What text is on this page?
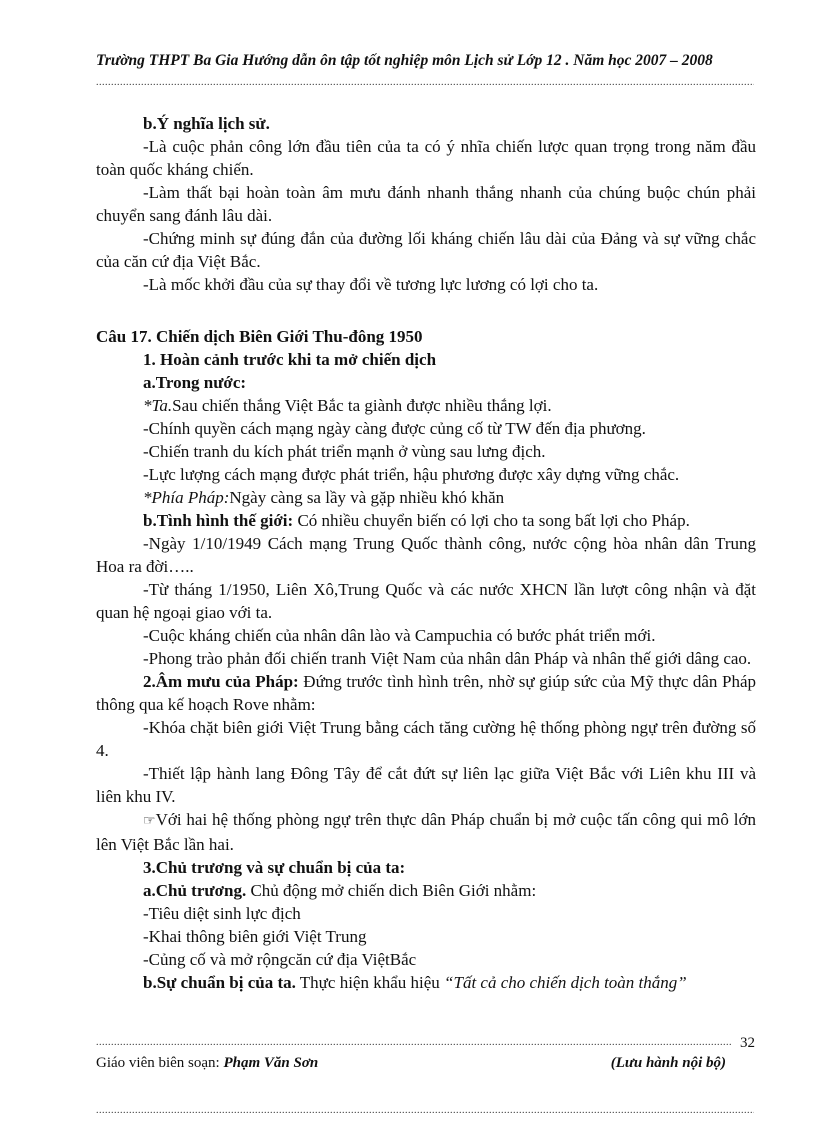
Trường THPT Ba Gia Hướng dẫn ôn tập tốt nghiệp môn Lịch sử Lớp 12 . Năm học 2007 – 2008
.....

b.Ý nghĩa lịch sử.

-Là cuộc phản công lớn đầu tiên của ta có ý nhĩa chiến lược quan trọng trong năm đầu toàn quốc kháng chiến.

-Làm thất bại hoàn toàn âm mưu đánh nhanh thắng nhanh của chúng buộc chún phải chuyển sang đánh lâu dài.

-Chứng minh sự đúng đắn của đường lối kháng chiến lâu dài của Đảng và sự vững chắc của căn cứ địa Việt Bắc.

-Là mốc khởi đầu của sự thay đổi về tương lực lương có lợi cho ta.

Câu 17. Chiến dịch Biên Giới Thu-đông 1950

1. Hoàn cảnh trước khi ta mở chiến dịch

a.Trong nước:

*Ta.Sau chiến thắng Việt Bắc ta giành được nhiều thắng lợi.

-Chính quyền cách mạng ngày càng được củng cố từ TW đến địa phương.

-Chiến tranh du kích phát triển mạnh ở vùng sau lưng địch.

-Lực lượng cách mạng được phát triển, hậu phương được xây dựng vững chắc.

*Phía Pháp:Ngày càng sa lầy và gặp nhiều khó khăn

b.Tình hình thế giới: Có nhiều chuyển biến có lợi cho ta song bất lợi cho Pháp.

-Ngày 1/10/1949 Cách mạng Trung Quốc thành công, nước cộng hòa nhân dân Trung Hoa ra đời…..

-Từ tháng 1/1950, Liên Xô,Trung Quốc và các nước XHCN lần lượt công nhận và đặt quan hệ ngoại giao với ta.

-Cuộc kháng chiến của nhân dân lào và Campuchia có bước phát triển mới.

-Phong trào phản đối chiến tranh Việt Nam của nhân dân Pháp và nhân thế giới dâng cao.

2.Âm mưu của Pháp: Đứng trước tình hình trên, nhờ sự giúp sức của Mỹ thực dân Pháp thông qua kế hoạch Rove nhằm:

-Khóa chặt biên giới Việt Trung bằng cách tăng cường hệ thống phòng ngự trên đường số 4.

-Thiết lập hành lang Đông Tây để cắt đứt sự liên lạc giữa Việt Bắc với Liên khu III và liên khu IV.

☞Với hai hệ thống phòng ngự trên thực dân Pháp chuẩn bị mở cuộc tấn công qui mô lớn lên Việt Bắc lần hai.

3.Chủ trương và sự chuẩn bị của ta:

a.Chủ trương. Chủ động mở chiến dich Biên Giới nhằm:

-Tiêu diệt sinh lực địch

-Khai thông biên giới Việt Trung

-Củng cố và mở rộngcăn cứ địa ViệtBắc

b.Sự chuẩn bị của ta. Thực hiện khẩu hiệu “Tất cả cho chiến dịch toàn thắng”

.....
32
Giáo viên biên soạn: Phạm Văn Sơn	(Lưu hành nội bộ)
.....
